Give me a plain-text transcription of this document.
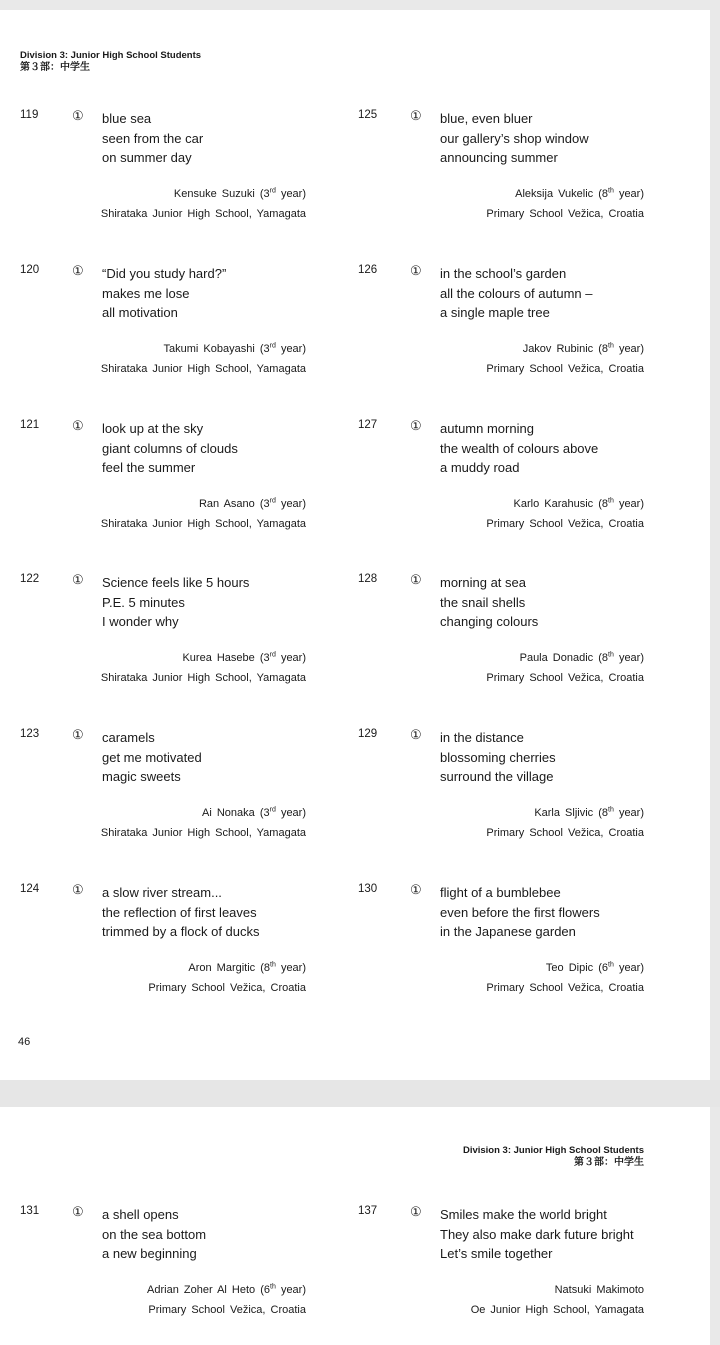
Division 3: Junior High School Students
第３部：中学生
46
Division 3: Junior High School Students
第３部：中学生
119	① blue sea
seen from the car
on summer day
Kensuke Suzuki (3rd year)
Shirataka Junior High School, Yamagata
125	① blue, even bluer
our gallery’s shop window
announcing summer
Aleksija Vukelic (8th year)
Primary School Vežica, Croatia
120	① “Did you study hard?”
makes me lose
all motivation
Takumi Kobayashi (3rd year)
Shirataka Junior High School, Yamagata
126	① in the school’s garden
all the colours of autumn –
a single maple tree
Jakov Rubinic (8th year)
Primary School Vežica, Croatia
121	① look up at the sky
giant columns of clouds
feel the summer
Ran Asano (3rd year)
Shirataka Junior High School, Yamagata
127	① autumn morning
the wealth of colours above
a muddy road
Karlo Karahusic (8th year)
Primary School Vežica, Croatia
122	① Science feels like 5 hours
P.E. 5 minutes
I wonder why
Kurea Hasebe (3rd year)
Shirataka Junior High School, Yamagata
128	① morning at sea
the snail shells
changing colours
Paula Donadic (8th year)
Primary School Vežica, Croatia
123	① caramels
get me motivated
magic sweets
Ai Nonaka (3rd year)
Shirataka Junior High School, Yamagata
129	① in the distance
blossoming cherries
surround the village
Karla Sljivic (8th year)
Primary School Vežica, Croatia
124	① a slow river stream...
the reflection of first leaves
trimmed by a flock of ducks
Aron Margitic (8th year)
Primary School Vežica, Croatia
130	① flight of a bumblebee
even before the first flowers
in the Japanese garden
Teo Dipic (6th year)
Primary School Vežica, Croatia
131	① a shell opens
on the sea bottom
a new beginning
Adrian Zoher Al Heto (6th year)
Primary School Vežica, Croatia
137	① Smiles make the world bright
They also make dark future bright
Let’s smile together
Natsuki Makimoto
Oe Junior High School, Yamagata
